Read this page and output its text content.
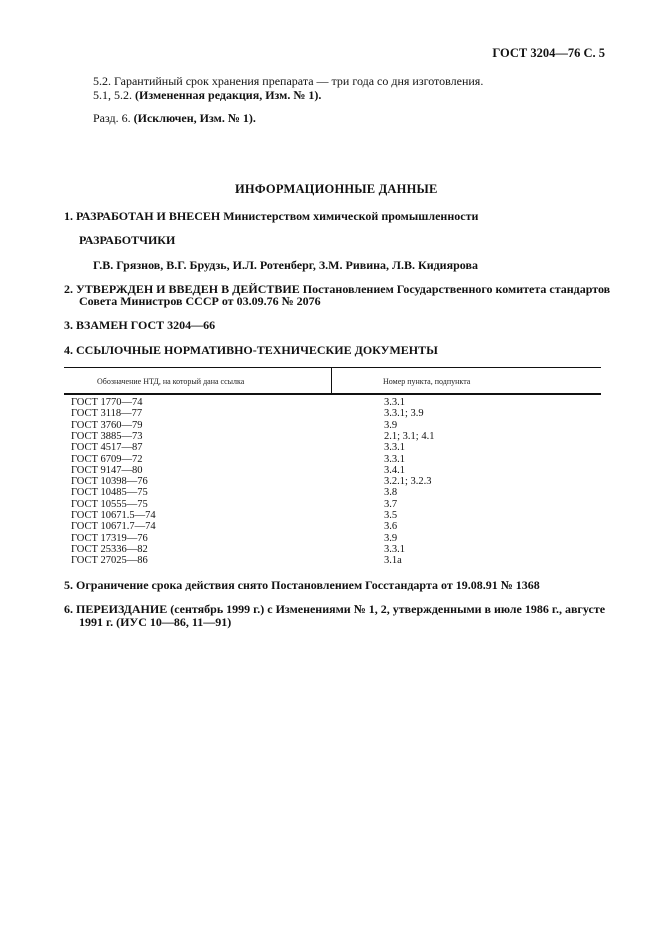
ГОСТ 3204—76 С. 5
5.2. Гарантийный срок хранения препарата — три года со дня изготовления.
5.1, 5.2. (Измененная редакция, Изм. № 1).
Разд. 6. (Исключен, Изм. № 1).
ИНФОРМАЦИОННЫЕ ДАННЫЕ
1. РАЗРАБОТАН И ВНЕСЕН Министерством химической промышленности
РАЗРАБОТЧИКИ
Г.В. Грязнов, В.Г. Брудзь, И.Л. Ротенберг, З.М. Ривина, Л.В. Кидиярова
2. УТВЕРЖДЕН И ВВЕДЕН В ДЕЙСТВИЕ Постановлением Государственного комитета стандартов
Совета Министров СССР от 03.09.76 № 2076
3. ВЗАМЕН ГОСТ 3204—66
4. ССЫЛОЧНЫЕ НОРМАТИВНО-ТЕХНИЧЕСКИЕ ДОКУМЕНТЫ
Обозначение НТД, на который дана ссылка	Номер пункта, подпункта
ГОСТ 1770—74	3.3.1
ГОСТ 3118—77	3.3.1; 3.9
ГОСТ 3760—79	3.9
ГОСТ 3885—73	2.1; 3.1; 4.1
ГОСТ 4517—87	3.3.1
ГОСТ 6709—72	3.3.1
ГОСТ 9147—80	3.4.1
ГОСТ 10398—76	3.2.1; 3.2.3
ГОСТ 10485—75	3.8
ГОСТ 10555—75	3.7
ГОСТ 10671.5—74	3.5
ГОСТ 10671.7—74	3.6
ГОСТ 17319—76	3.9
ГОСТ 25336—82	3.3.1
ГОСТ 27025—86	3.1а
5. Ограничение срока действия снято Постановлением Госстандарта от 19.08.91 № 1368
6. ПЕРЕИЗДАНИЕ (сентябрь 1999 г.) с Изменениями № 1, 2, утвержденными в июле 1986 г., августе
1991 г. (ИУС 10—86, 11—91)
